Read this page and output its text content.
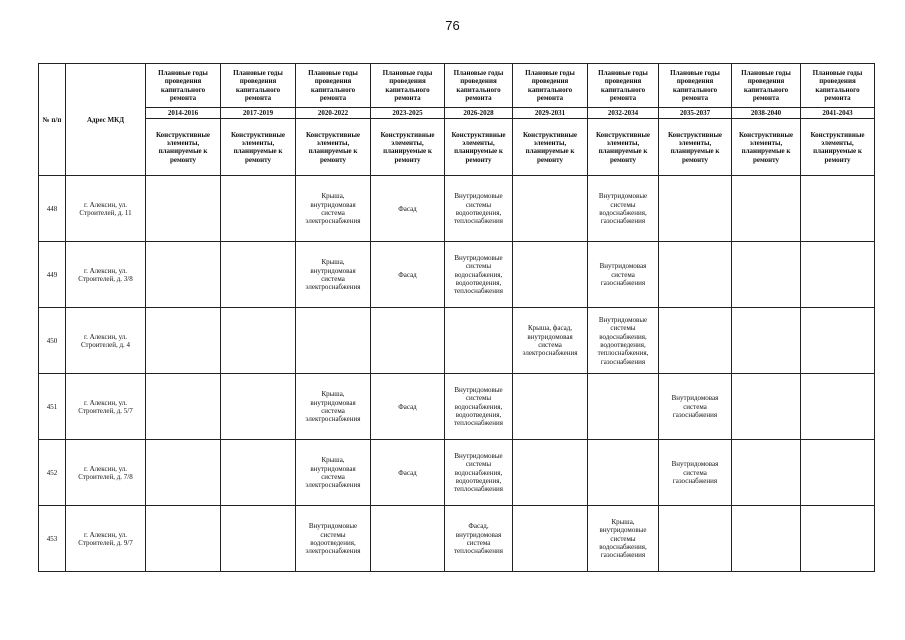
76
№ п/п	Адрес МКД	Плановые годы проведения капитального ремонта	Плановые годы проведения капитального ремонта	Плановые годы проведения капитального ремонта	Плановые годы проведения капитального ремонта	Плановые годы проведения капитального ремонта	Плановые годы проведения капитального ремонта	Плановые годы проведения капитального ремонта	Плановые годы проведения капитального ремонта	Плановые годы проведения капитального ремонта	Плановые годы проведения капитального ремонта
		2014-2016	2017-2019	2020-2022	2023-2025	2026-2028	2029-2031	2032-2034	2035-2037	2038-2040	2041-2043
		Конструктивные элементы, планируемые к ремонту	Конструктивные элементы, планируемые к ремонту	Конструктивные элементы, планируемые к ремонту	Конструктивные элементы, планируемые к ремонту	Конструктивные элементы, планируемые к ремонту	Конструктивные элементы, планируемые к ремонту	Конструктивные элементы, планируемые к ремонту	Конструктивные элементы, планируемые к ремонту	Конструктивные элементы, планируемые к ремонту	Конструктивные элементы, планируемые к ремонту
448	г. Алексин, ул. Строителей, д. 11			Крыша, внутридомовая система электроснабжения	Фасад	Внутридомовые системы водоотведения, теплоснабжения		Внутридомовые системы водоснабжения, газоснабжения			
449	г. Алексин, ул. Строителей, д. 3/8			Крыша, внутридомовая система электроснабжения	Фасад	Внутридомовые системы водоснабжения, водоотведения, теплоснабжения		Внутридомовая система газоснабжения			
450	г. Алексин, ул. Строителей, д. 4						Крыша, фасад, внутридомовая система электроснабжения	Внутридомовые системы водоснабжения, водоотведения, теплоснабжения, газоснабжения			
451	г. Алексин, ул. Строителей, д. 5/7			Крыша, внутридомовая система электроснабжения	Фасад	Внутридомовые системы водоснабжения, водоотведения, теплоснабжения			Внутридомовая система газоснабжения		
452	г. Алексин, ул. Строителей, д. 7/8			Крыша, внутридомовая система электроснабжения	Фасад	Внутридомовые системы водоснабжения, водоотведения, теплоснабжения			Внутридомовая система газоснабжения		
453	г. Алексин, ул. Строителей, д. 9/7			Внутридомовые системы водоотведения, электроснабжения		Фасад, внутридомовая система теплоснабжения		Крыша, внутридомовые системы водоснабжения, газоснабжения			
